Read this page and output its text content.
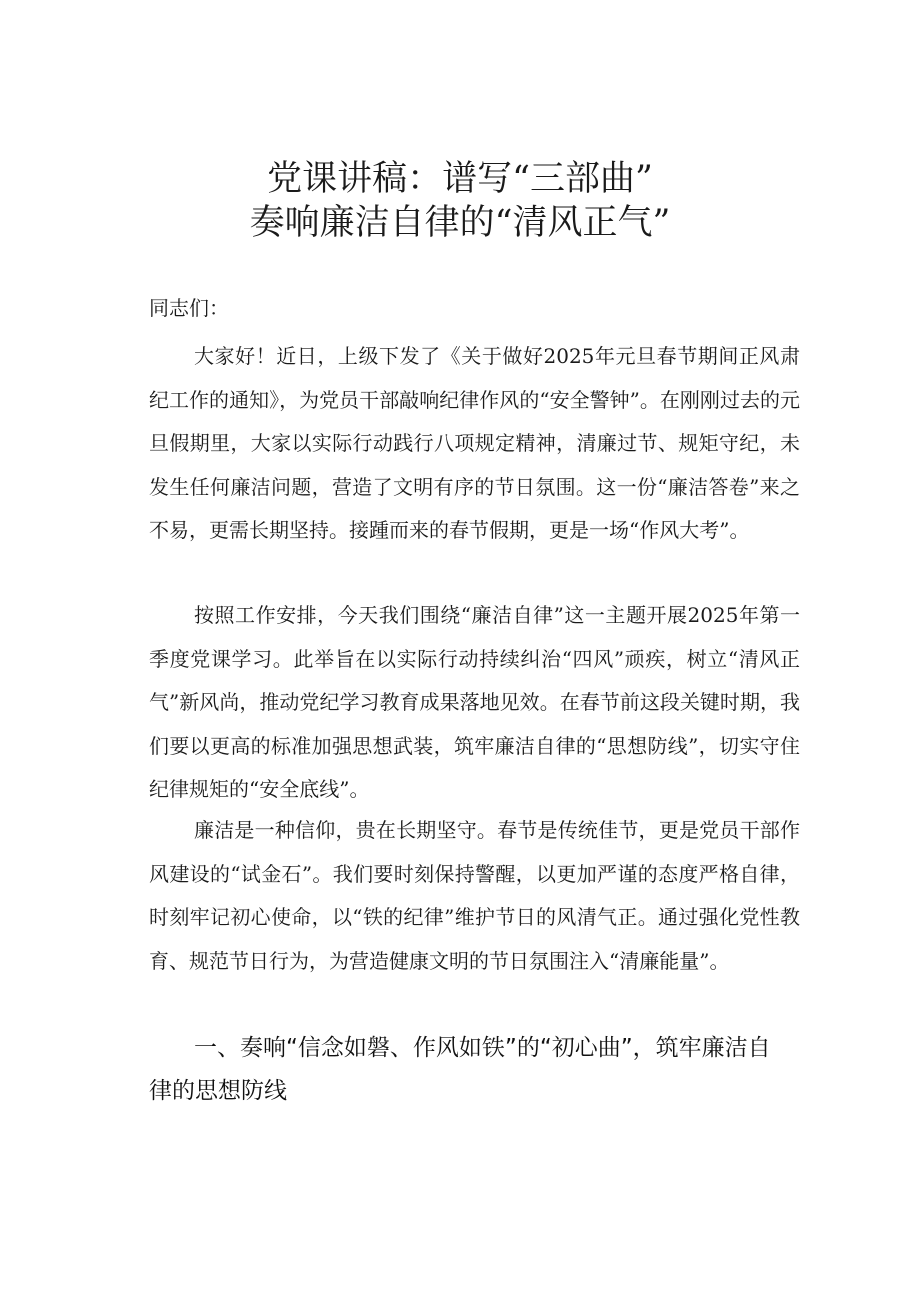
党课讲稿：谱写“三部曲”
奏响廉洁自律的“清风正气”
同志们：

大家好！近日，上级下发了《关于做好2025年元旦春节期间正风肃纪工作的通知》，为党员干部敲响纪律作风的“安全警钟”。在刚刚过去的元旦假期里，大家以实际行动践行八项规定精神，清廉过节、规矩守纪，未发生任何廉洁问题，营造了文明有序的节日氛围。这一份“廉洁答卷”来之不易，更需长期坚持。接踵而来的春节假期，更是一场“作风大考”。

按照工作安排，今天我们围绕“廉洁自律”这一主题开展2025年第一季度党课学习。此举旨在以实际行动持续纠治“四风”顽疾，树立“清风正气”新风尚，推动党纪学习教育成果落地见效。在春节前这段关键时期，我们要以更高的标准加强思想武装，筑牢廉洁自律的“思想防线”，切实守住纪律规矩的“安全底线”。

廉洁是一种信仰，贵在长期坚守。春节是传统佳节，更是党员干部作风建设的“试金石”。我们要时刻保持警醒，以更加严谨的态度严格自律，时刻牢记初心使命，以“铁的纪律”维护节日的风清气正。通过强化党性教育、规范节日行为，为营造健康文明的节日氛围注入“清廉能量”。

一、奏响“信念如磐、作风如铁”的“初心曲”，筑牢廉洁自律的思想防线
